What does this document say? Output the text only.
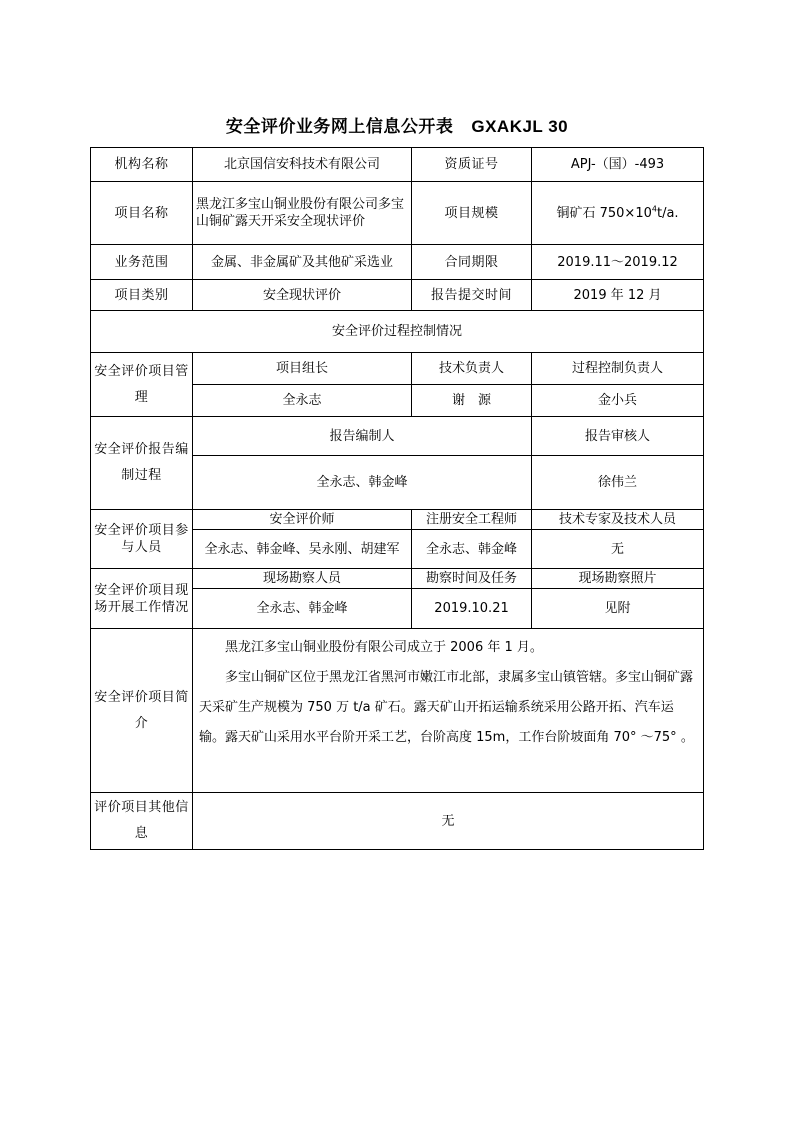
安全评价业务网上信息公开表 GXAKJL 30
机构名称	北京国信安科技术有限公司	资质证号	APJ-（国）-493
项目名称	黑龙江多宝山铜业股份有限公司多宝山铜矿露天开采安全现状评价	项目规模	铜矿石 $750\times 10^4t/a$.
业务范围	金属、非金属矿及其他矿采选业	合同期限	2019.11～2019.12
项目类别	安全现状评价	报告提交时间	2019 年 12 月
安全评价过程控制情况			
安全评价项目管理	项目组长	技术负责人	过程控制负责人
	全永志	谢　源	金小兵
安全评价报告编制过程	报告编制人		报告审核人
	全永志、韩金峰		徐伟兰
安全评价项目参与人员	安全评价师	注册安全工程师	技术专家及技术人员
	全永志、韩金峰、吴永刚、胡建军	全永志、韩金峰	无
安全评价项目现场开展工作情况	现场勘察人员	勘察时间及任务	现场勘察照片
	全永志、韩金峰	2019.10.21	见附
安全评价项目简介	黑龙江多宝山铜业股份有限公司成立于 2006 年 1 月。

多宝山铜矿区位于黑龙江省黑河市嫩江市北部，隶属多宝山镇管辖。多宝山铜矿露天采矿生产规模为 750 万 t/a 矿石。露天矿山开拓运输系统采用公路开拓、汽车运输。露天矿山采用水平台阶开采工艺，台阶高度 15m，工作台阶坡面角 70° ～75° 。		

评价项目其他信息	无		
